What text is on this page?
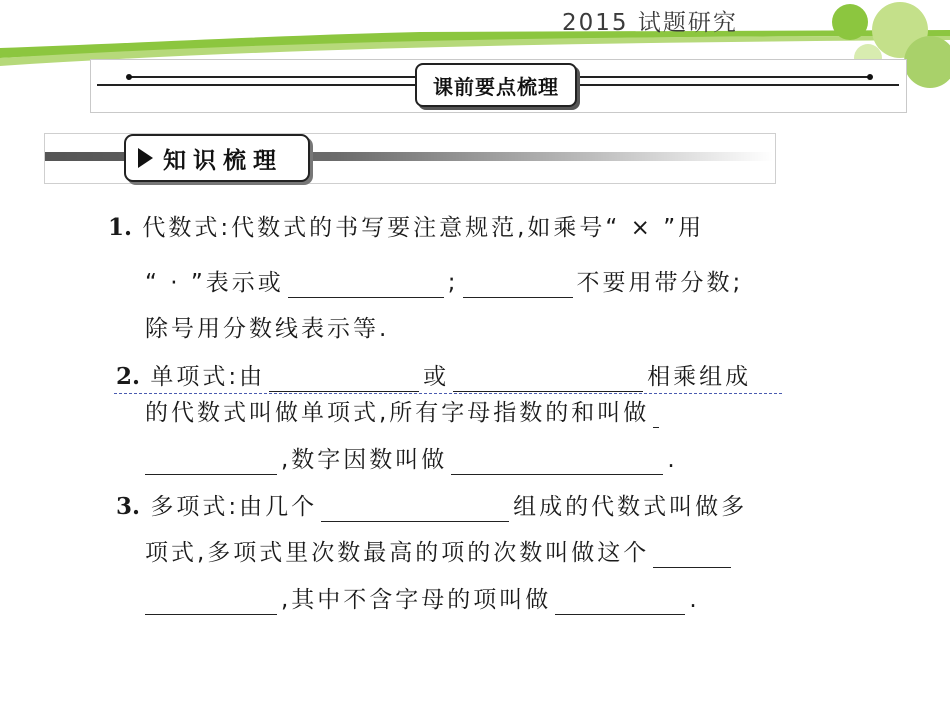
2015 试题研究
课前要点梳理
知识梳理
1. 代数式:代数式的书写要注意规范,如乘号“ × ”用
“ · ”表示或	;	不要用带分数;
除号用分数线表示等.
2. 单项式:由	或	相乘组成
的代数式叫做单项式,所有字母指数的和叫做
,数字因数叫做	.
3. 多项式:由几个	组成的代数式叫做多
项式,多项式里次数最高的项的次数叫做这个
,其中不含字母的项叫做	.
